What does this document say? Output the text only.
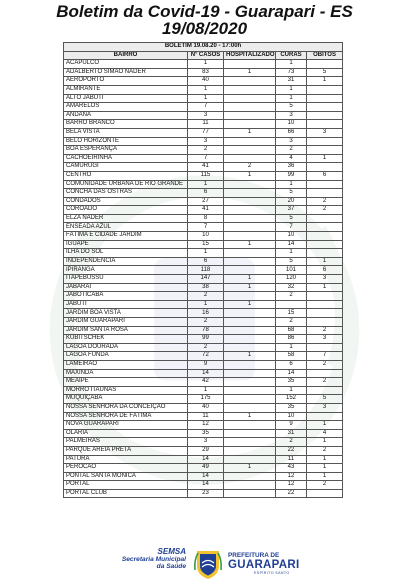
Boletim da Covid-19 - Guarapari - ES
19/08/2020
BOLETIM 19.08.20 - 17:00h				
BAIRRO	Nº CASOS	HOSPITALIZADO	CURAS	ÓBITOS
ACAPULCO	1		1	
ADALBERTO SIMÃO NADER	83	1	73	5
AEROPORTO	40		31	1
ALMIRANTE	1		1	
ALTO JABUTI	1		1	
AMARELOS	7		5	
ANDANA	3		3	
BARRO BRANCO	11		10	
BELA VISTA	77	1	66	3
BELO HORIZONTE	3		3	
BOA ESPERANÇA	2		2	
CACHOEIRINHA	7		4	1
CAMURUGI	41	2	36	
CENTRO	115	1	99	6
COMUNIDADE URBANA DE RIO GRANDE	1		1	
CONCHA DAS OSTRAS	6		5	
CONDADOS	27		20	2
COROADO	41		37	2
ELZA NADER	8		5	
ENSEADA AZUL	7		7	
FÁTIMA E CIDADE JARDIM	10		10	
IGUAPE	15	1	14	
ILHA DO SOL	1		1	
INDEPENDÊNCIA	6		5	1
IPIRANGA	118		101	6
ITAPEBUSSU	147	1	120	3
JABARAÍ	38	1	32	1
JABOTICABA	2		2	
JABUTI	1	1		
JARDIM BOA VISTA	16		15	
JARDIM GUARAPARI	2		2	
JARDIM SANTA ROSA	78		68	2
KUBITSCHEK	99		86	3
LAGOA DOURADA	2		1	
LAGOA FUNDA	72	1	58	7
LAMEIRÃO	9		6	2
MAXINDA	14		14	
MEAÍPE	42		35	2
MORRO ITAÚNAS	1		1	
MUQUIÇABA	175		152	5
NOSSA SENHORA DA CONCEIÇÃO	40		35	3
NOSSA SENHORA DE FÁTIMA	11	1	10	
NOVA GUARAPARI	12		9	1
OLARIA	35		31	4
PALMEIRAS	3		2	1
PARQUE AREIA PRETA	29		22	2
PATURÁ	14		11	1
PEROCÃO	49	1	43	1
PONTAL SANTA MÔNICA	14		12	1
PORTAL	14		12	2
PORTAL CLUB	23		22	
SEMSA
Secretaria Municipal
da Saúde
PREFEITURA DE
GUARAPARI
ESPÍRITO SANTO
